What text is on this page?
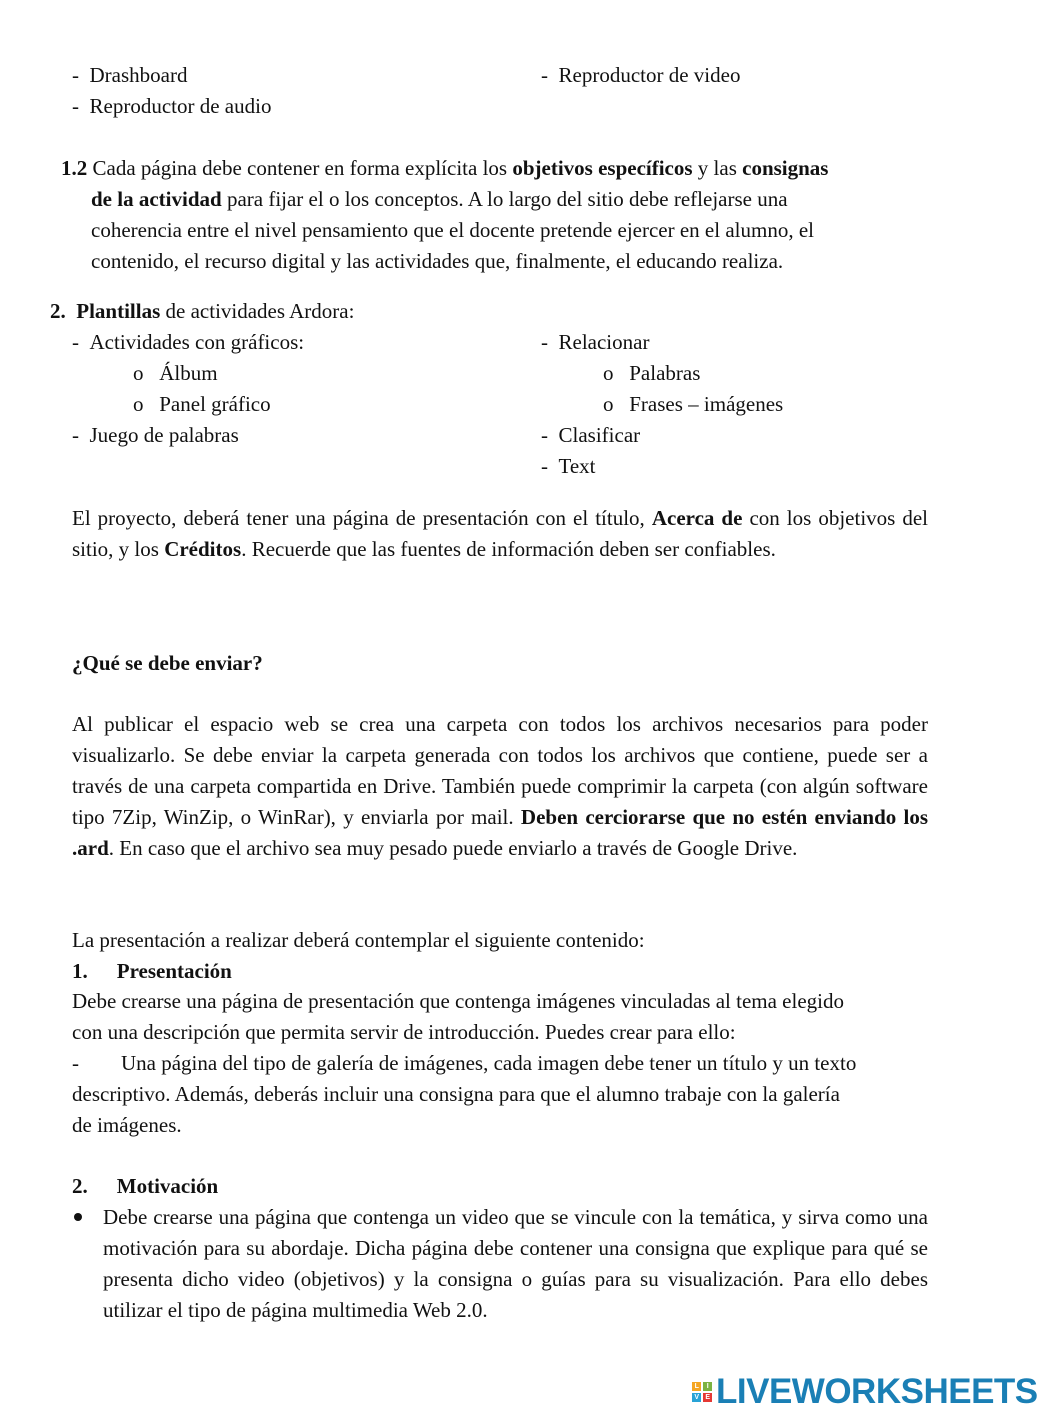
-  Drashboard
-  Reproductor de audio
-  Reproductor de video
1.2 Cada página debe contener en forma explícita los objetivos específicos y las consignas
de la actividad para fijar el o los conceptos. A lo largo del sitio debe reflejarse una
coherencia entre el nivel pensamiento que el docente pretende ejercer en el alumno, el
contenido, el recurso digital y las actividades que, finalmente, el educando realiza.
2. Plantillas de actividades Ardora:
-  Actividades con gráficos:
o   Álbum
o   Panel gráfico
-  Juego de palabras
-  Relacionar
o   Palabras
o   Frases – imágenes
-  Clasificar
-  Text
El proyecto, deberá tener una página de presentación con el título, Acerca de con los objetivos del sitio, y los Créditos. Recuerde que las fuentes de información deben ser confiables.
¿Qué se debe enviar?
Al publicar el espacio web se crea una carpeta con todos los archivos necesarios para poder visualizarlo. Se debe enviar la carpeta generada con todos los archivos que contiene, puede ser a través de una carpeta compartida en Drive. También puede comprimir la carpeta (con algún software tipo 7Zip, WinZip, o WinRar), y enviarla por mail. Deben cerciorarse que no estén enviando los .ard. En caso que el archivo sea muy pesado puede enviarlo a través de Google Drive.
La presentación a realizar deberá contemplar el siguiente contenido:
1. Presentación
Debe crearse una página de presentación que contenga imágenes vinculadas al tema elegido
con una descripción que permita servir de introducción. Puedes crear para ello:
- Una página del tipo de galería de imágenes, cada imagen debe tener un título y un texto
descriptivo. Además, deberás incluir una consigna para que el alumno trabaje con la galería
de imágenes.
2. Motivación
Debe crearse una página que contenga un video que se vincule con la temática, y sirva como una motivación para su abordaje. Dicha página debe contener una consigna que explique para qué se presenta dicho video (objetivos) y la consigna o guías para su visualización. Para ello debes utilizar el tipo de página multimedia Web 2.0.
L	I
V E LIVEWORKSHEETS
